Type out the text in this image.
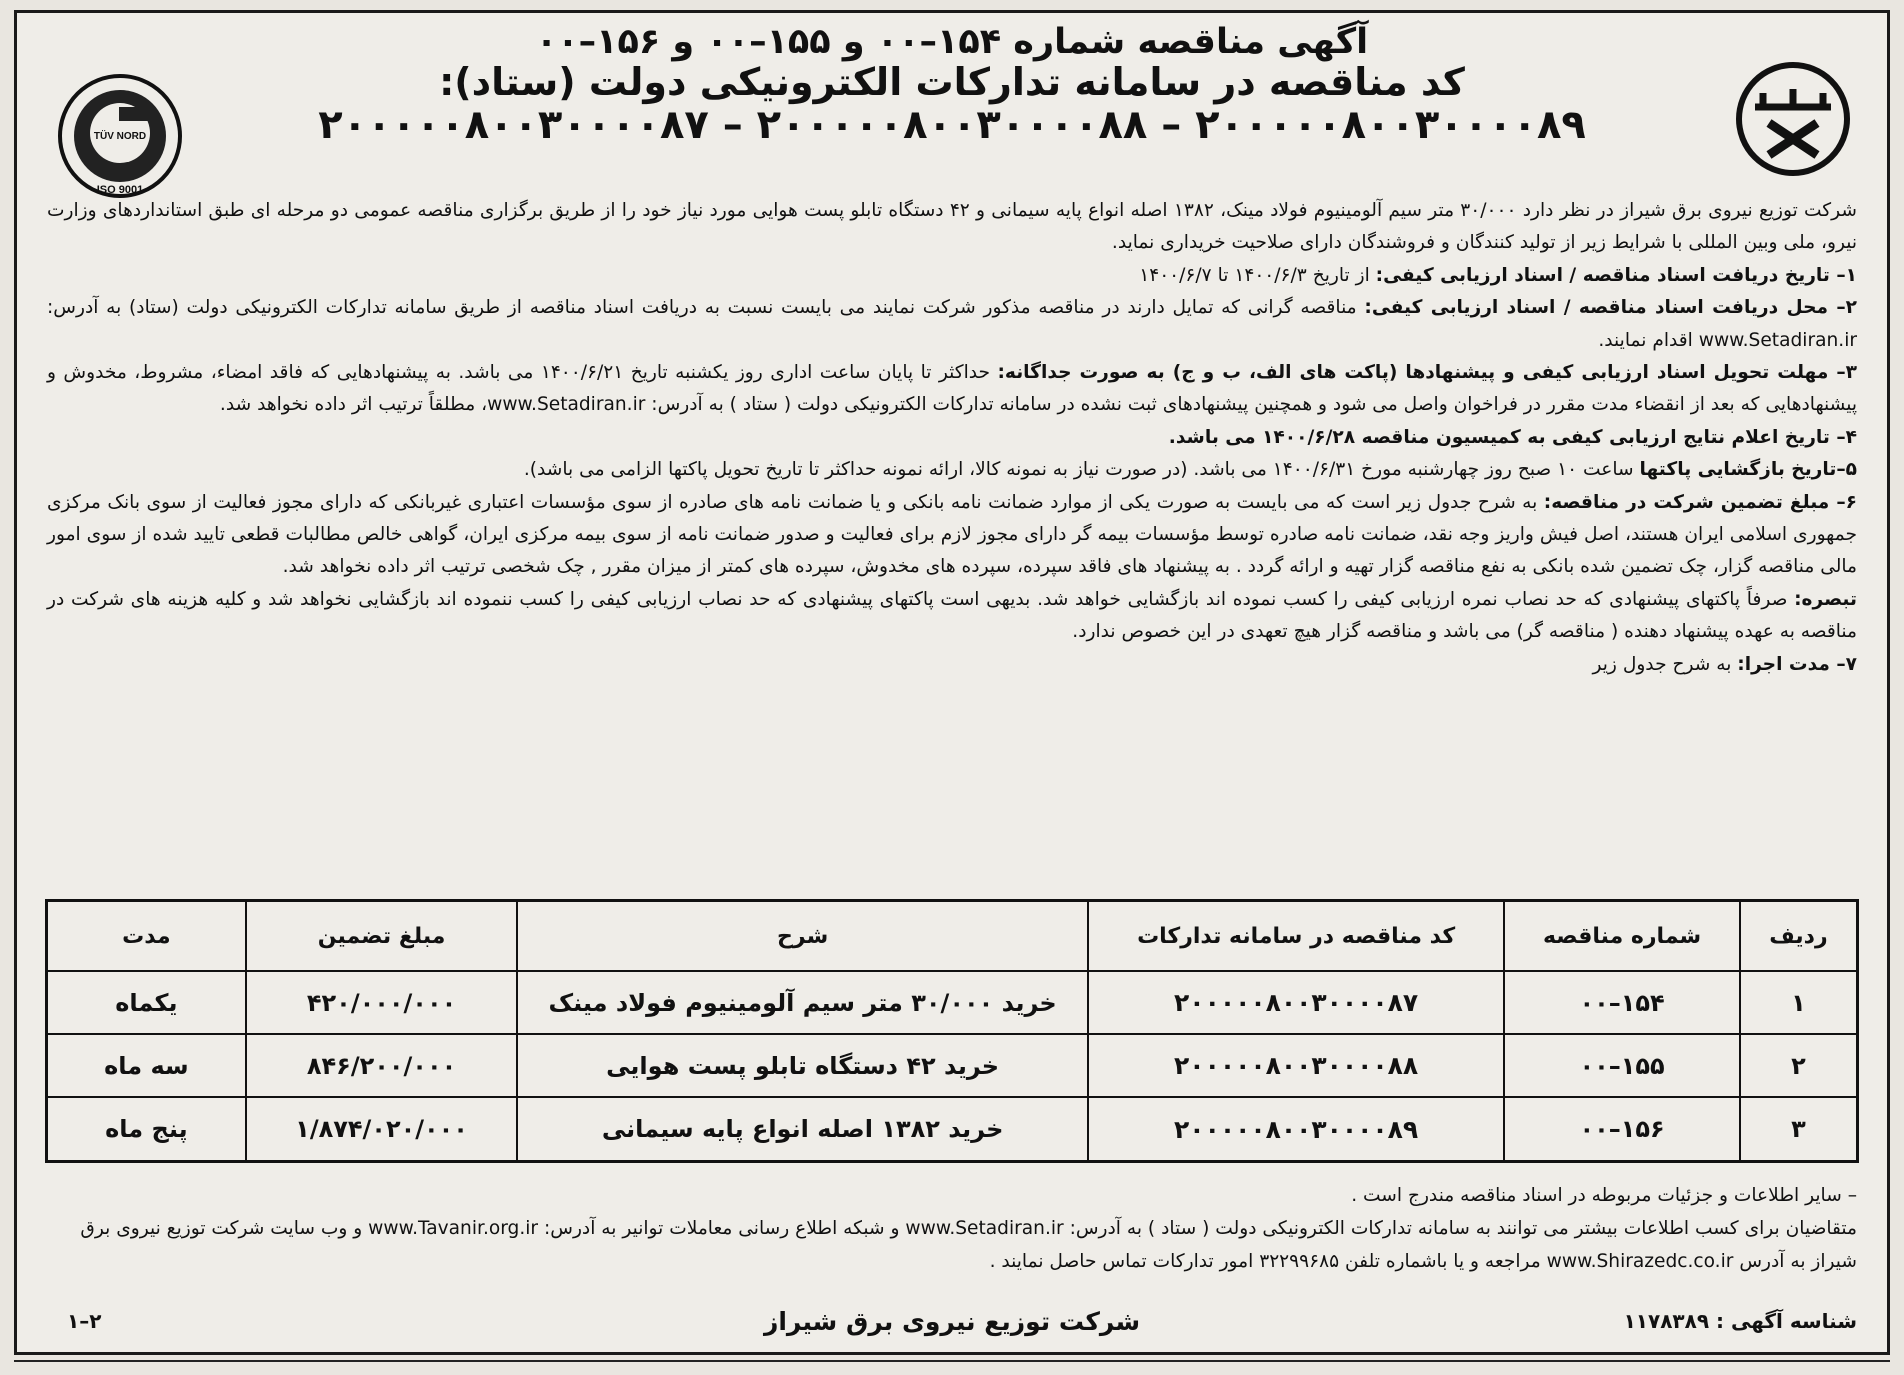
آگهی مناقصه شماره ۱۵۴–۰۰ و ۱۵۵–۰۰ و ۱۵۶–۰۰
کد مناقصه در سامانه تدارکات الکترونیکی دولت (ستاد):
۲۰۰۰۰۰۸۰۰۳۰۰۰۰۸۷ – ۲۰۰۰۰۰۸۰۰۳۰۰۰۰۸۸ – ۲۰۰۰۰۰۸۰۰۳۰۰۰۰۸۹
TÜV NORD
ISO 9001

شرکت توزیع نیروی برق شیراز در نظر دارد ۳۰/۰۰۰ متر سیم آلومینیوم فولاد مینک، ۱۳۸۲ اصله انواع پایه سیمانی و ۴۲ دستگاه تابلو پست هوایی مورد نیاز خود را از طریق برگزاری مناقصه عمومی دو مرحله ای طبق استانداردهای وزارت نیرو، ملی وبین المللی با شرایط زیر از تولید کنندگان و فروشندگان دارای صلاحیت خریداری نماید.

۱– تاریخ دریافت اسناد مناقصه / اسناد ارزیابی کیفی: از تاریخ ۱۴۰۰/۶/۳ تا ۱۴۰۰/۶/۷

۲– محل دریافت اسناد مناقصه / اسناد ارزیابی کیفی: مناقصه گرانی که تمایل دارند در مناقصه مذکور شرکت نمایند می بایست نسبت به دریافت اسناد مناقصه از طریق سامانه تدارکات الکترونیکی دولت (ستاد) به آدرس: www.Setadiran.ir اقدام نمایند.

۳– مهلت تحویل اسناد ارزیابی کیفی و پیشنهادها (پاکت های الف، ب و ج) به صورت جداگانه: حداکثر تا پایان ساعت اداری روز یکشنبه تاریخ ۱۴۰۰/۶/۲۱ می باشد. به پیشنهادهایی که فاقد امضاء، مشروط، مخدوش و پیشنهادهایی که بعد از انقضاء مدت مقرر در فراخوان واصل می شود و همچنین پیشنهادهای ثبت نشده در سامانه تدارکات الکترونیکی دولت ( ستاد ) به آدرس: www.Setadiran.ir، مطلقاً ترتیب اثر داده نخواهد شد.

۴– تاریخ اعلام نتایج ارزیابی کیفی به کمیسیون مناقصه ۱۴۰۰/۶/۲۸ می باشد.

۵–تاریخ بازگشایی پاکتها ساعت ۱۰ صبح روز چهارشنبه مورخ ۱۴۰۰/۶/۳۱ می باشد. (در صورت نیاز به نمونه کالا، ارائه نمونه حداکثر تا تاریخ تحویل پاکتها الزامی می باشد).

۶– مبلغ تضمین شرکت در مناقصه: به شرح جدول زیر است که می بایست به صورت یکی از موارد ضمانت نامه بانکی و یا ضمانت نامه های صادره از سوی مؤسسات اعتباری غیربانکی که دارای مجوز فعالیت از سوی بانک مرکزی جمهوری اسلامی ایران هستند، اصل فیش واریز وجه نقد، ضمانت نامه صادره توسط مؤسسات بیمه گر دارای مجوز لازم برای فعالیت و صدور ضمانت نامه از سوی بیمه مرکزی ایران، گواهی خالص مطالبات قطعی تایید شده از سوی امور مالی مناقصه گزار، چک تضمین شده بانکی به نفع مناقصه گزار تهیه و ارائه گردد . به پیشنهاد های فاقد سپرده، سپرده های مخدوش، سپرده های کمتر از میزان مقرر , چک شخصی ترتیب اثر داده نخواهد شد.

تبصره: صرفاً پاکتهای پیشنهادی که حد نصاب نمره ارزیابی کیفی را کسب نموده اند بازگشایی خواهد شد. بدیهی است پاکتهای پیشنهادی که حد نصاب ارزیابی کیفی را کسب ننموده اند بازگشایی نخواهد شد و کلیه هزینه های شرکت در مناقصه به عهده پیشنهاد دهنده ( مناقصه گر) می باشد و مناقصه گزار هیچ تعهدی در این خصوص ندارد.

۷– مدت اجرا: به شرح جدول زیر

ردیف	شماره مناقصه	کد مناقصه در سامانه تدارکات	شرح	مبلغ تضمین	مدت
۱	۱۵۴–۰۰	۲۰۰۰۰۰۸۰۰۳۰۰۰۰۸۷	خرید ۳۰/۰۰۰ متر سیم آلومینیوم فولاد مینک	۴۲۰/۰۰۰/۰۰۰	یکماه
۲	۱۵۵–۰۰	۲۰۰۰۰۰۸۰۰۳۰۰۰۰۸۸	خرید ۴۲ دستگاه تابلو پست هوایی	۸۴۶/۲۰۰/۰۰۰	سه ماه
۳	۱۵۶–۰۰	۲۰۰۰۰۰۸۰۰۳۰۰۰۰۸۹	خرید ۱۳۸۲ اصله انواع پایه سیمانی	۱/۸۷۴/۰۲۰/۰۰۰	پنج ماه

– سایر اطلاعات و جزئیات مربوطه در اسناد مناقصه مندرج است .

متقاضیان برای کسب اطلاعات بیشتر می توانند به سامانه تدارکات الکترونیکی دولت ( ستاد ) به آدرس: www.Setadiran.ir و شبکه اطلاع رسانی معاملات توانیر به آدرس: www.Tavanir.org.ir و وب سایت شرکت توزیع نیروی برق شیراز به آدرس www.Shirazedc.co.ir مراجعه و یا باشماره تلفن ۳۲۲۹۹۶۸۵ امور تدارکات تماس حاصل نمایند .

شناسه آگهی : ۱۱۷۸۳۸۹
شرکت توزیع نیروی برق شیراز
۱–۲
